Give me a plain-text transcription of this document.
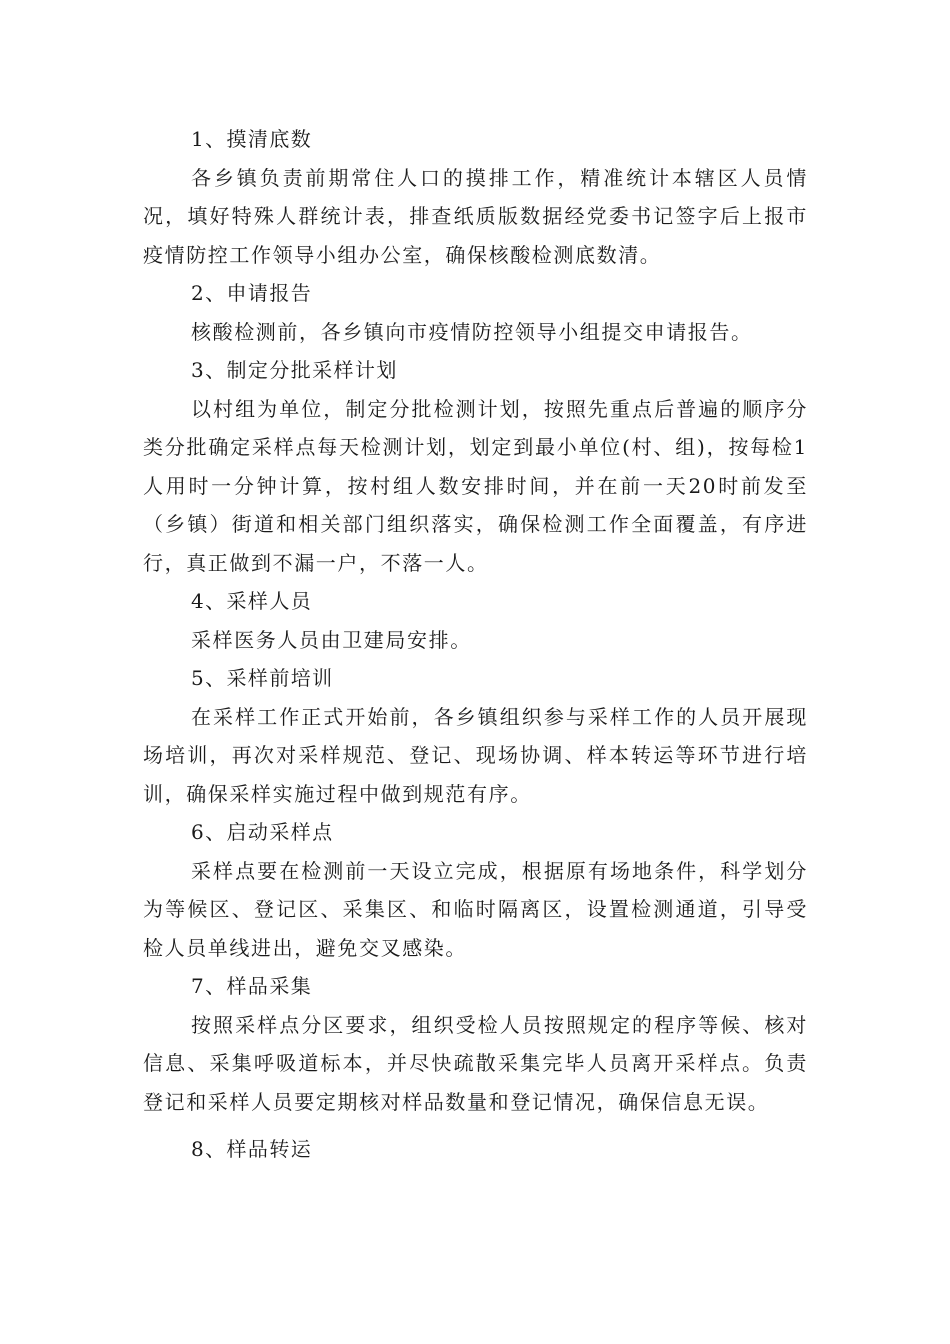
1、摸清底数

各乡镇负责前期常住人口的摸排工作，精准统计本辖区人员情况，填好特殊人群统计表，排查纸质版数据经党委书记签字后上报市疫情防控工作领导小组办公室，确保核酸检测底数清。

2、申请报告

核酸检测前，各乡镇向市疫情防控领导小组提交申请报告。

3、制定分批采样计划

以村组为单位，制定分批检测计划，按照先重点后普遍的顺序分类分批确定采样点每天检测计划，划定到最小单位(村、组)，按每检1人用时一分钟计算，按村组人数安排时间，并在前一天20时前发至（乡镇）街道和相关部门组织落实，确保检测工作全面覆盖，有序进行，真正做到不漏一户，不落一人。

4、采样人员

采样医务人员由卫建局安排。

5、采样前培训

在采样工作正式开始前，各乡镇组织参与采样工作的人员开展现场培训，再次对采样规范、登记、现场协调、样本转运等环节进行培训，确保采样实施过程中做到规范有序。

6、启动采样点

采样点要在检测前一天设立完成，根据原有场地条件，科学划分为等候区、登记区、采集区、和临时隔离区，设置检测通道，引导受检人员单线进出，避免交叉感染。

7、样品采集

按照采样点分区要求，组织受检人员按照规定的程序等候、核对信息、采集呼吸道标本，并尽快疏散采集完毕人员离开采样点。负责登记和采样人员要定期核对样品数量和登记情况，确保信息无误。

8、样品转运
